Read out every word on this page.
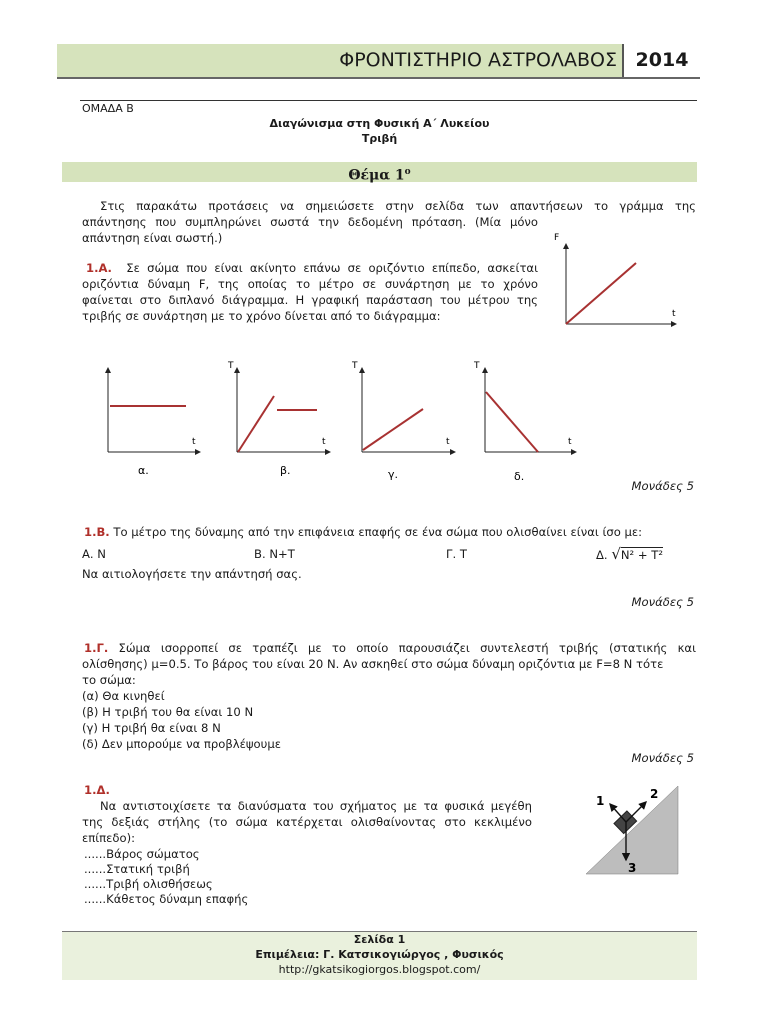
ΦΡΟΝΤΙΣΤΗΡΙΟ ΑΣΤΡΟΛΑΒΟΣ 2014
ΟΜΑΔΑ Β
Διαγώνισμα στη Φυσική Α΄ Λυκείου
Τριβή
Θέμα $1^o$
Στις παρακάτω προτάσεις να σημειώσετε στην σελίδα των απαντήσεων το γράμμα της
απάντησης που συμπληρώνει σωστά την δεδομένη πρόταση. (Μία μόνο
απάντηση είναι σωστή.)
1.Α. Σε σώμα που είναι ακίνητο επάνω σε οριζόντιο επίπεδο, ασκείται
οριζόντια δύναμη F, της οποίας το μέτρο σε συνάρτηση με το χρόνο
φαίνεται στο διπλανό διάγραμμα. Η γραφική παράσταση του μέτρου της
τριβής σε συνάρτηση με το χρόνο δίνεται από το διάγραμμα:
F
t
t
α.
T
t
β.
T
t
γ.
T
t
δ.
Μονάδες 5
1.Β. Το μέτρο της δύναμης από την επιφάνεια επαφής σε ένα σώμα που ολισθαίνει είναι ίσο με:
Α. N	Β. N+T	Γ. T	Δ. √N² + T²
Να αιτιολογήσετε την απάντησή σας.
Μονάδες 5
1.Γ. Σώμα ισορροπεί σε τραπέζι με το οποίο παρουσιάζει συντελεστή τριβής (στατικής και
ολίσθησης) μ=0.5. Το βάρος του είναι 20 N. Αν ασκηθεί στο σώμα δύναμη οριζόντια με F=8 N τότε
το σώμα:
(α) Θα κινηθεί
(β) Η τριβή του θα είναι 10 N
(γ) Η τριβή θα είναι 8 N
(δ) Δεν μπορούμε να προβλέψουμε
Μονάδες 5
1.Δ.
Να αντιστοιχίσετε τα διανύσματα του σχήματος με τα φυσικά μεγέθη
της δεξιάς στήλης (το σώμα κατέρχεται ολισθαίνοντας στο κεκλιμένο
επίπεδο):
......Βάρος σώματος
......Στατική τριβή
......Τριβή ολισθήσεως
......Κάθετος δύναμη επαφής
1	2
3
Σελίδα 1
Επιμέλεια: Γ. Κατσικογιώργος , Φυσικός
http://gkatsikogiorgos.blogspot.com/
